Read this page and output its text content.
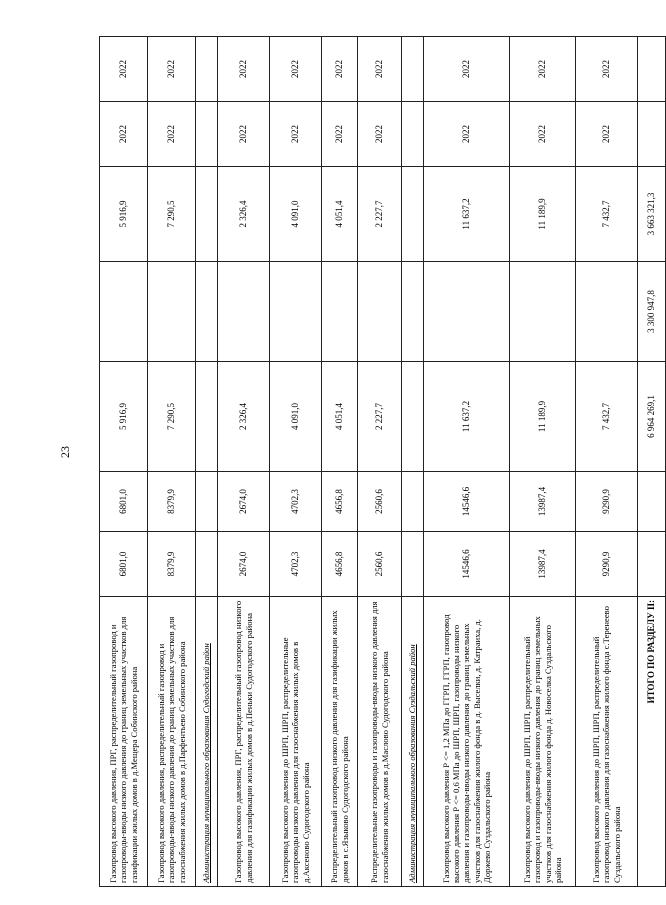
23
Газопровод высокого давления, ПРГ, распределительный газопровод и газопроводы-вводы низкого давления до границ земельных участков для газификации жилых домов в д.Мещера Собинского района	6801,0	6801,0	5 916,9		5 916,9	2022	2022
Газопровод высокого давления, распределительный газопровод и газопроводы-вводы низкого давления до границ земельных участков для газоснабжения жилых домов в д.Парфентьево Собинского района	8379,9	8379,9	7 290,5		7 290,5	2022	2022
Администрация муниципального образования Судогодский район							
Газопровод высокого давления, ПРГ, распределительный газопровод низкого давления для газификации жилых домов в д.Пеньки Судогодского района	2674,0	2674,0	2 326,4		2 326,4	2022	2022
Газопровод высокого давления до ШРП, ШРП, распределительные газопроводы низкого давления для газоснабжения жилых домов в д.Аксеново Судогодского района	4702,3	4702,3	4 091,0		4 091,0	2022	2022
Распределительный газопровод низкого давления для газификации жилых домов в с.Языково Судогодского района	4656,8	4656,8	4 051,4		4 051,4	2022	2022
Распределительные газопроводы и газопроводы-вводы низкого давления для газоснабжения жилых домов в д.Маслово Судогодского района	2560,6	2560,6	2 227,7		2 227,7	2022	2022
Администрация муниципального образования Суздальский район							
Газопровод высокого давления Р <= 1,2 МПа до ГГРП, ГГРП, газопровод высокого давления Р <= 0,6 МПа до ШРП, ШРП, газопроводы низкого давления и газопроводы-вводы низкого давления до границ земельных участков для газоснабжения жилого фонда в д. Выселки, д. Катраиха, д. Доржево Суздальского района	14546,6	14546,6	11 637,2		11 637,2	2022	2022
Газопровод высокого давления до ШРП, ШРП, распределительный газопровод и газопроводы-вводы низкого давления до границ земельных участков для газоснабжения жилого фонда д. Новоселка Суздальского района	13987,4	13987,4	11 189,9		11 189,9	2022	2022
Газопровод высокого давления до ШРП, ШРП, распределительный газопровод низкого давления для газоснабжения жилого фонда с.Теренеево Суздальского района	9290,9	9290,9	7 432,7		7 432,7	2022	2022
ИТОГО ПО РАЗДЕЛУ II:			6 964 269,1	3 300 947,8	3 663 321,3		
